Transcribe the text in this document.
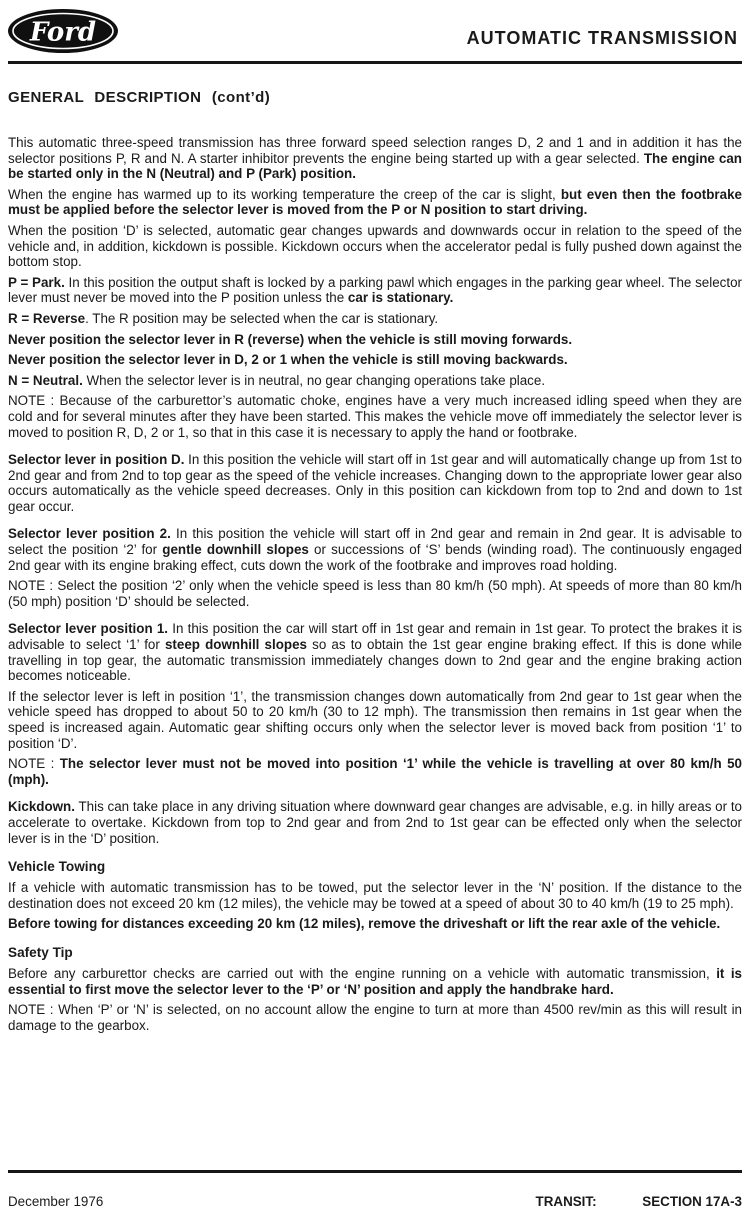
Ford	AUTOMATIC TRANSMISSION
GENERAL DESCRIPTION (cont’d)

This automatic three-speed transmission has three forward speed selection ranges D, 2 and 1 and in addition it has the selector positions P, R and N. A starter inhibitor prevents the engine being started up with a gear selected. The engine can be started only in the N (Neutral) and P (Park) position.

When the engine has warmed up to its working temperature the creep of the car is slight, but even then the footbrake must be applied before the selector lever is moved from the P or N position to start driving.

When the position ‘D’ is selected, automatic gear changes upwards and downwards occur in relation to the speed of the vehicle and, in addition, kickdown is possible. Kickdown occurs when the accelerator pedal is fully pushed down against the bottom stop.

P = Park. In this position the output shaft is locked by a parking pawl which engages in the parking gear wheel. The selector lever must never be moved into the P position unless the car is stationary.

R = Reverse. The R position may be selected when the car is stationary.

Never position the selector lever in R (reverse) when the vehicle is still moving forwards.

Never position the selector lever in D, 2 or 1 when the vehicle is still moving backwards.

N = Neutral. When the selector lever is in neutral, no gear changing operations take place.

NOTE : Because of the carburettor’s automatic choke, engines have a very much increased idling speed when they are cold and for several minutes after they have been started. This makes the vehicle move off immediately the selector lever is moved to position R, D, 2 or 1, so that in this case it is necessary to apply the hand or footbrake.

Selector lever in position D. In this position the vehicle will start off in 1st gear and will automatically change up from 1st to 2nd gear and from 2nd to top gear as the speed of the vehicle increases. Changing down to the appropriate lower gear also occurs automatically as the vehicle speed decreases. Only in this position can kickdown from top to 2nd and down to 1st gear occur.

Selector lever position 2. In this position the vehicle will start off in 2nd gear and remain in 2nd gear. It is advisable to select the position ‘2’ for gentle downhill slopes or successions of ‘S’ bends (winding road). The continuously engaged 2nd gear with its engine braking effect, cuts down the work of the footbrake and improves road holding.

NOTE : Select the position ‘2’ only when the vehicle speed is less than 80 km/h (50 mph). At speeds of more than 80 km/h (50 mph) position ‘D’ should be selected.

Selector lever position 1. In this position the car will start off in 1st gear and remain in 1st gear. To protect the brakes it is advisable to select ‘1’ for steep downhill slopes so as to obtain the 1st gear engine braking effect. If this is done while travelling in top gear, the automatic transmission immediately changes down to 2nd gear and the engine braking action becomes noticeable.

If the selector lever is left in position ‘1’, the transmission changes down automatically from 2nd gear to 1st gear when the vehicle speed has dropped to about 50 to 20 km/h (30 to 12 mph). The transmission then remains in 1st gear when the speed is increased again. Automatic gear shifting occurs only when the selector lever is moved back from position ‘1’ to position ‘D’.

NOTE : The selector lever must not be moved into position ‘1’ while the vehicle is travelling at over 80 km/h 50 (mph).

Kickdown. This can take place in any driving situation where downward gear changes are advisable, e.g. in hilly areas or to accelerate to overtake. Kickdown from top to 2nd gear and from 2nd to 1st gear can be effected only when the selector lever is in the ‘D’ position.

Vehicle Towing

If a vehicle with automatic transmission has to be towed, put the selector lever in the ‘N’ position. If the distance to the destination does not exceed 20 km (12 miles), the vehicle may be towed at a speed of about 30 to 40 km/h (19 to 25 mph).

Before towing for distances exceeding 20 km (12 miles), remove the driveshaft or lift the rear axle of the vehicle.

Safety Tip

Before any carburettor checks are carried out with the engine running on a vehicle with automatic transmission, it is essential to first move the selector lever to the ‘P’ or ‘N’ position and apply the handbrake hard.

NOTE : When ‘P’ or ‘N’ is selected, on no account allow the engine to turn at more than 4500 rev/min as this will result in damage to the gearbox.

December 1976	TRANSIT:	SECTION 17A-3
